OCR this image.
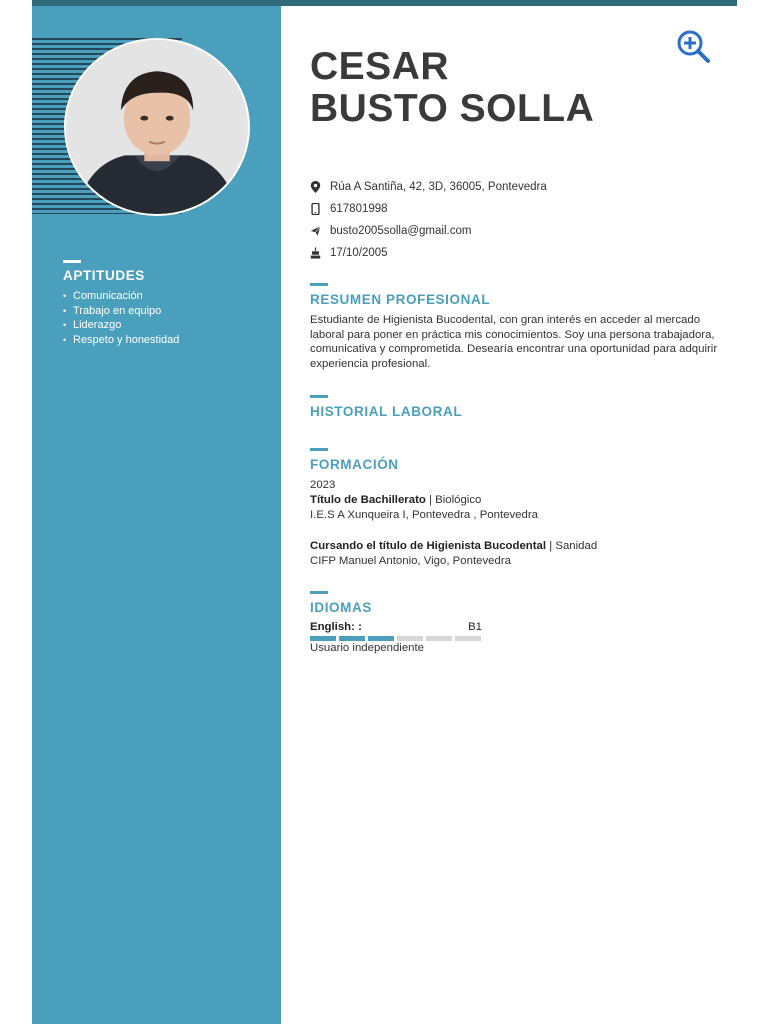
APTITUDES
• Comunicación
• Trabajo en equipo
• Liderazgo
• Respeto y honestidad
CESAR
BUSTO SOLLA
Rúa A Santiña, 42, 3D, 36005, Pontevedra
617801998
busto2005solla@gmail.com
17/10/2005
RESUMEN PROFESIONAL

Estudiante de Higienista Bucodental, con gran interés en acceder al mercado laboral para poner en práctica mis conocimientos. Soy una persona trabajadora, comunicativa y comprometida. Desearía encontrar una oportunidad para adquirir experiencia profesional.

HISTORIAL LABORAL
FORMACIÓN
2023
Título de Bachillerato | Biológico
I.E.S A Xunqueira I, Pontevedra , Pontevedra
Cursando el título de Higienista Bucodental | Sanidad
CIFP Manuel Antonio, Vigo, Pontevedra
IDIOMAS
English: :	B1
Usuario independiente
